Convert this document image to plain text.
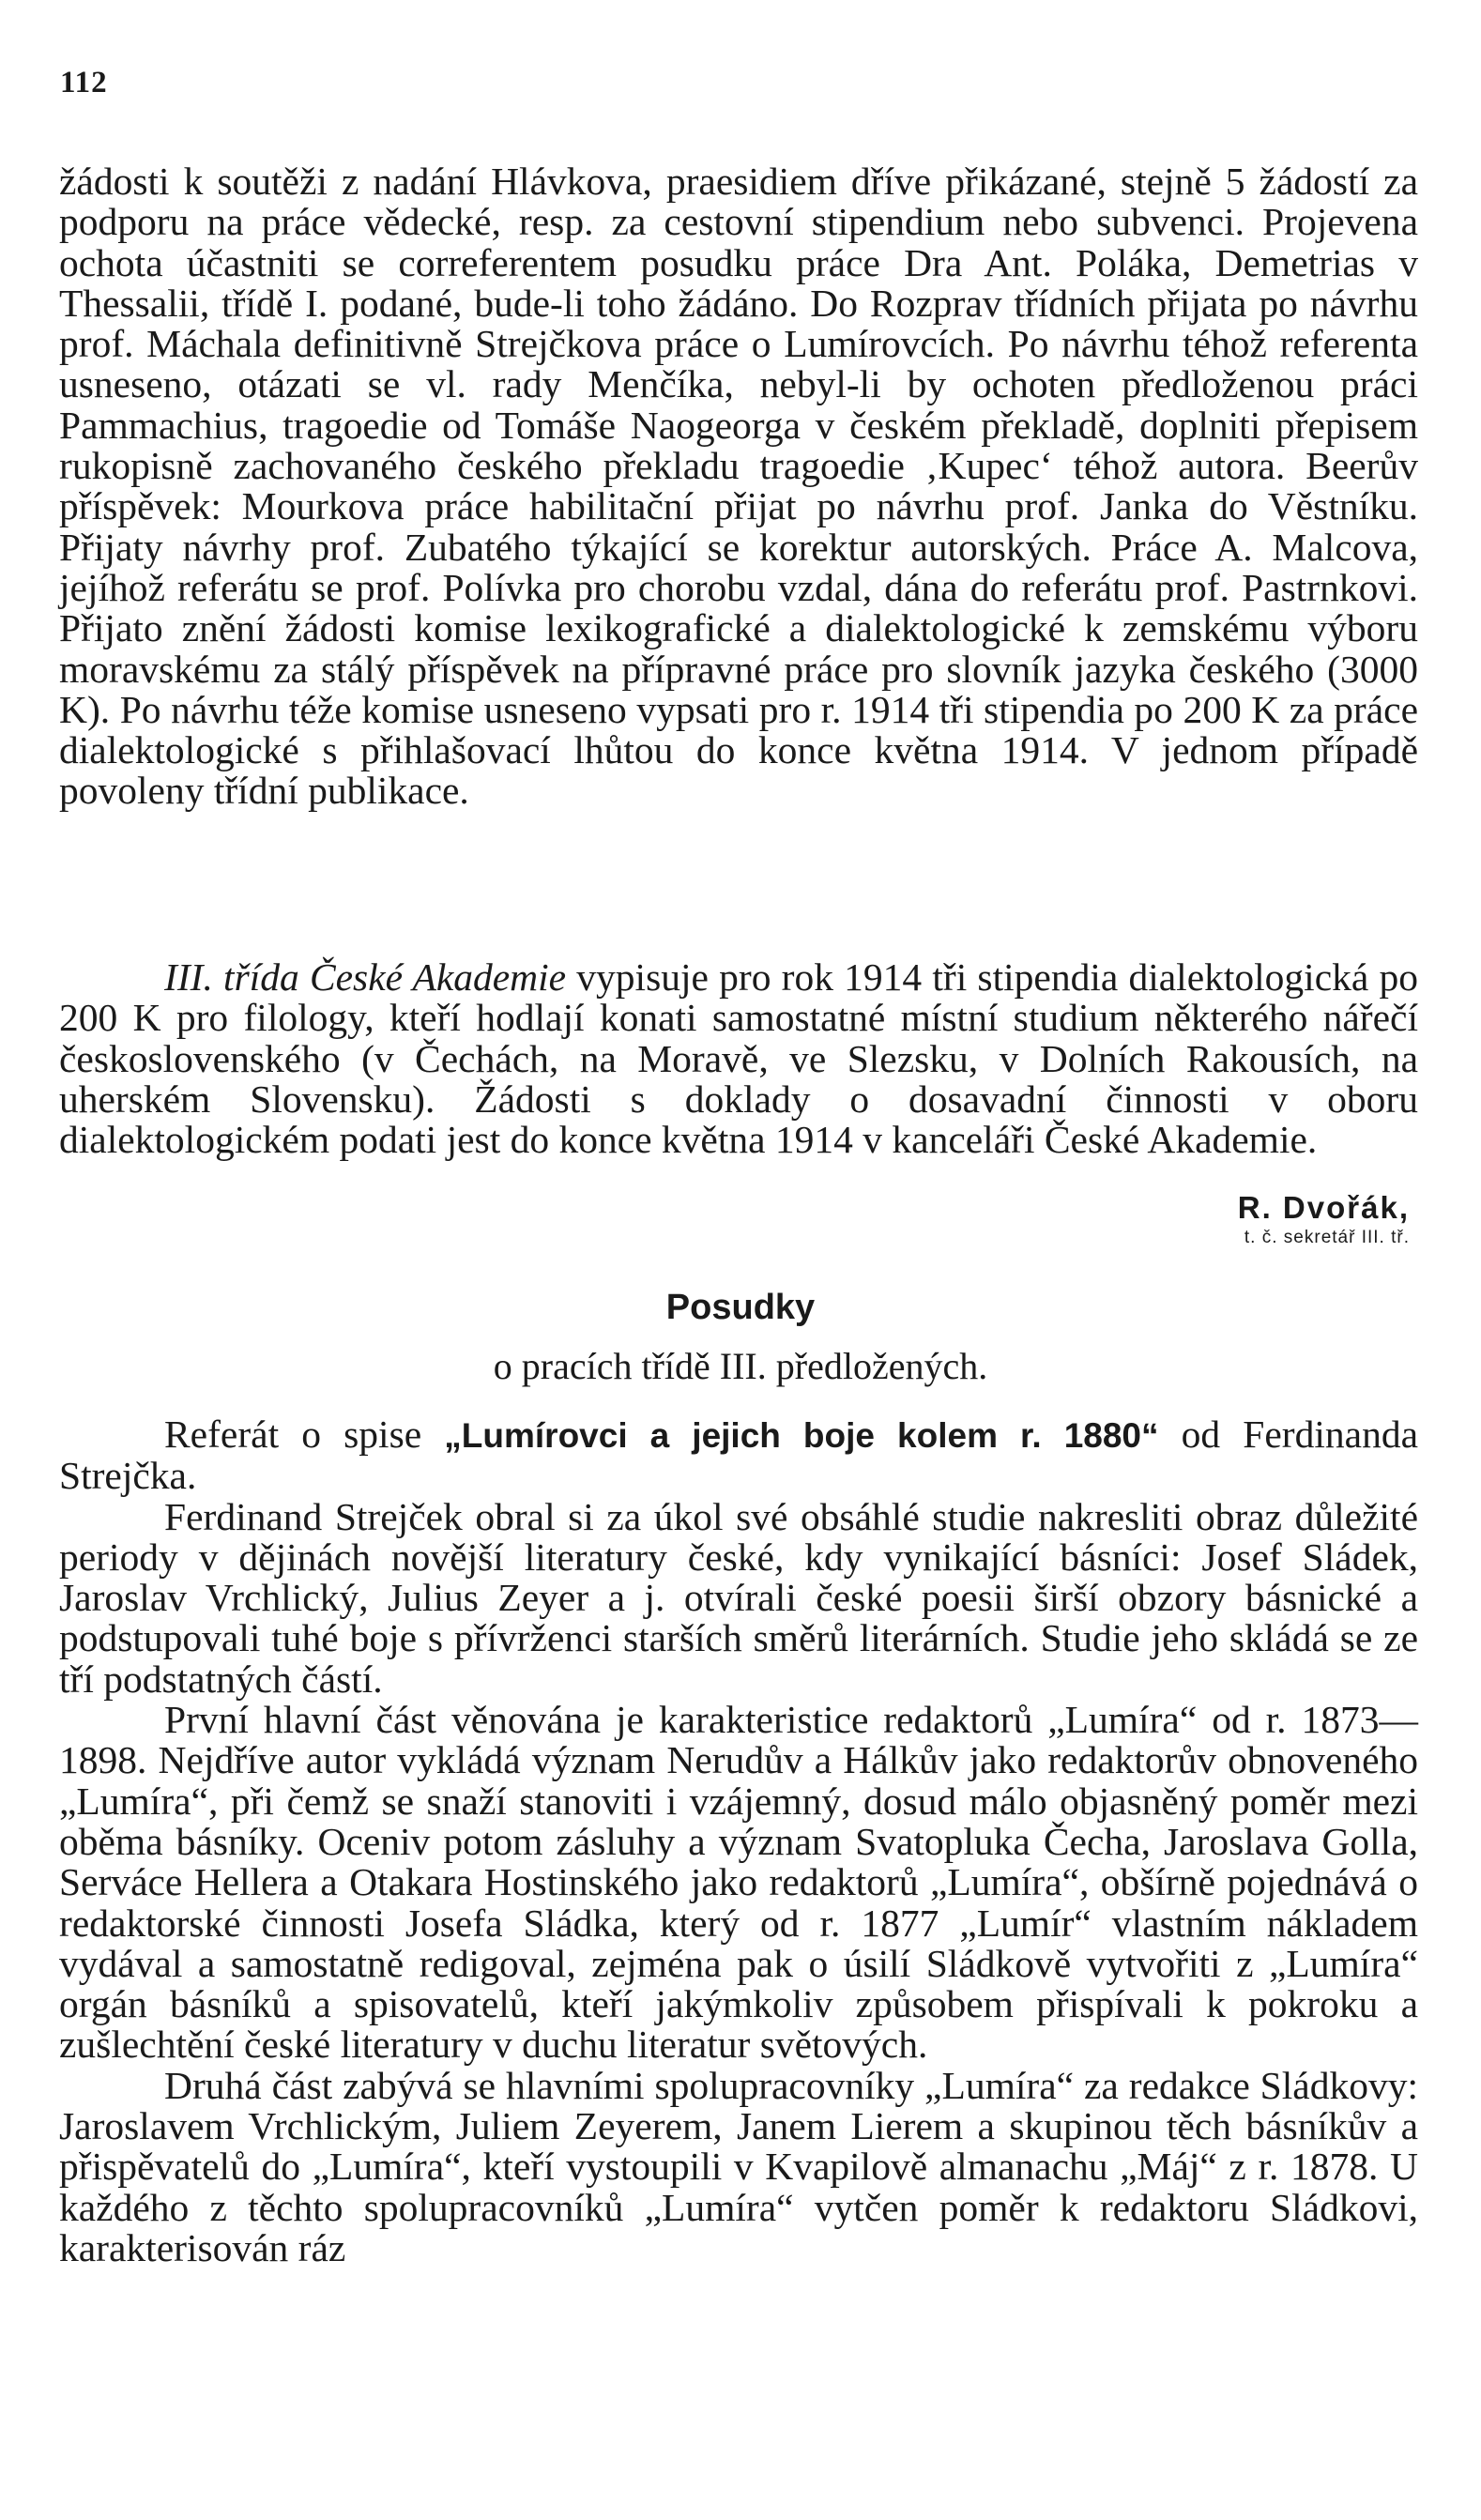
112

žádosti k soutěži z nadání Hlávkova, praesidiem dříve přikázané, stejně 5 žádostí za podporu na práce vědecké, resp. za cestovní stipendium nebo subvenci. Projevena ochota účastniti se correferentem posudku práce Dra Ant. Poláka, Demetrias v Thessalii, třídě I. podané, bude-li toho žádáno. Do Rozprav třídních přijata po návrhu prof. Máchala definitivně Strejčkova práce o Lumírovcích. Po návrhu téhož referenta usneseno, otázati se vl. rady Menčíka, nebyl-li by ochoten předloženou práci Pammachius, tragoedie od Tomáše Naogeorga v českém překladě, doplniti přepisem rukopisně zachovaného českého překladu tragoedie ‚Kupec‘ téhož autora. Beerův příspěvek: Mourkova práce habilitační přijat po návrhu prof. Janka do Věstníku. Přijaty návrhy prof. Zubatého týkající se korektur autorských. Práce A. Malcova, jejíhož referátu se prof. Polívka pro chorobu vzdal, dána do referátu prof. Pastrnkovi. Přijato znění žádosti komise lexikografické a dialektologické k zemskému výboru moravskému za stálý příspěvek na přípravné práce pro slovník jazyka českého (3000 K). Po návrhu téže komise usneseno vypsati pro r. 1914 tři stipendia po 200 K za práce dialektologické s přihlašovací lhůtou do konce května 1914. V jednom případě povoleny třídní publikace.

III. třída České Akademie vypisuje pro rok 1914 tři stipendia dialektologická po 200 K pro filology, kteří hodlají konati samostatné místní studium některého nářečí československého (v Čechách, na Moravě, ve Slezsku, v Dolních Rakousích, na uherském Slovensku). Žádosti s doklady o dosavadní činnosti v oboru dialektologickém podati jest do konce května 1914 v kanceláři České Akademie.

R. Dvořák,
t. č. sekretář III. tř.
Posudky
o pracích třídě III. předložených.

Referát o spise „Lumírovci a jejich boje kolem r. 1880“ od Ferdinanda Strejčka.

Ferdinand Strejček obral si za úkol své obsáhlé studie nakresliti obraz důležité periody v dějinách novější literatury české, kdy vynikající básníci: Josef Sládek, Jaroslav Vrchlický, Julius Zeyer a j. otvírali české poesii širší obzory básnické a podstupovali tuhé boje s přívrženci starších směrů literárních. Studie jeho skládá se ze tří podstatných částí.

První hlavní část věnována je karakteristice redaktorů „Lumíra“ od r. 1873—1898. Nejdříve autor vykládá význam Nerudův a Hálkův jako redaktorův obnoveného „Lumíra“, při čemž se snaží stanoviti i vzájemný, dosud málo objasněný poměr mezi oběma básníky. Oceniv potom zásluhy a význam Svatopluka Čecha, Jaroslava Golla, Serváce Hellera a Otakara Hostinského jako redaktorů „Lumíra“, obšírně pojednává o redaktorské činnosti Josefa Sládka, který od r. 1877 „Lumír“ vlastním nákladem vydával a samostatně redigoval, zejména pak o úsilí Sládkově vytvořiti z „Lumíra“ orgán básníků a spisovatelů, kteří jakýmkoliv způsobem přispívali k pokroku a zušlechtění české literatury v duchu literatur světových.

Druhá část zabývá se hlavními spolupracovníky „Lumíra“ za redakce Sládkovy: Jaroslavem Vrchlickým, Juliem Zeyerem, Janem Lierem a skupinou těch básníkův a přispěvatelů do „Lumíra“, kteří vystoupili v Kvapilově almanachu „Máj“ z r. 1878. U každého z těchto spolupracovníků „Lumíra“ vytčen poměr k redaktoru Sládkovi, karakterisován ráz
